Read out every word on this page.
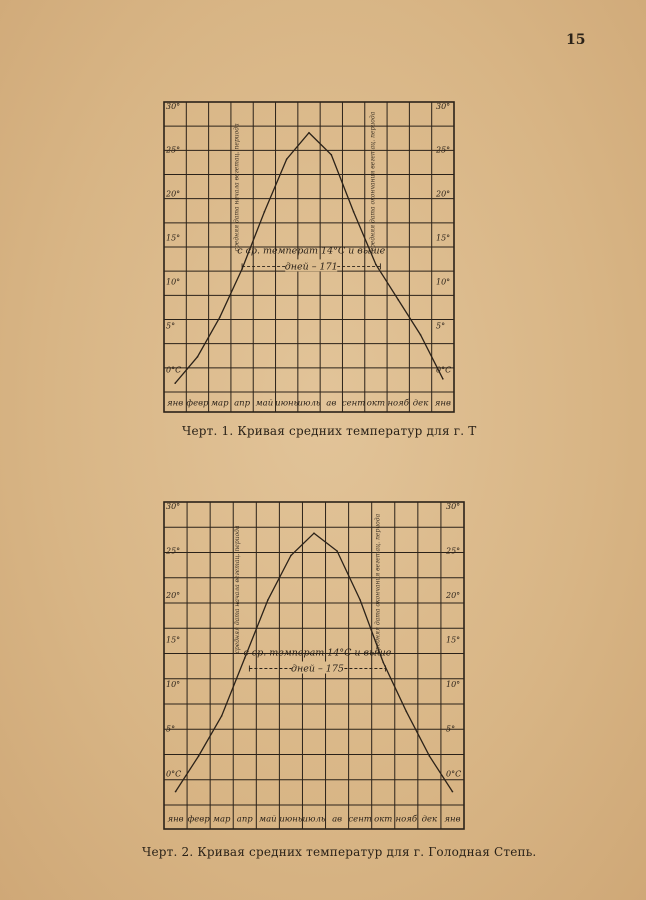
15
0°C
5°
10°
15°
20°
25°
30°
0°C
5°
10°
15°
20°
25°
30°
янв февр мар апр май июнь июль ав сент окт нояб дек янв
средняя дата начала вегетац. периода	средняя дата окончания вегетац. периода
с ср. температ 14°С и выше
дней – 171
Черт. 1. Кривая средних температур для г. Т
0°C
5°
10°
15°
20°
25°
30°
0°C
5°
10°
15°
20°
25°
30°
янв февр мар апр май июнь июль ав сент окт нояб дек янв
средняя дата начала вегетац. периода	средняя дата окончания вегетац. периода
с ср. температ 14°С и выше
дней – 175
Черт. 2. Кривая средних температур для г. Голодная Степь.
